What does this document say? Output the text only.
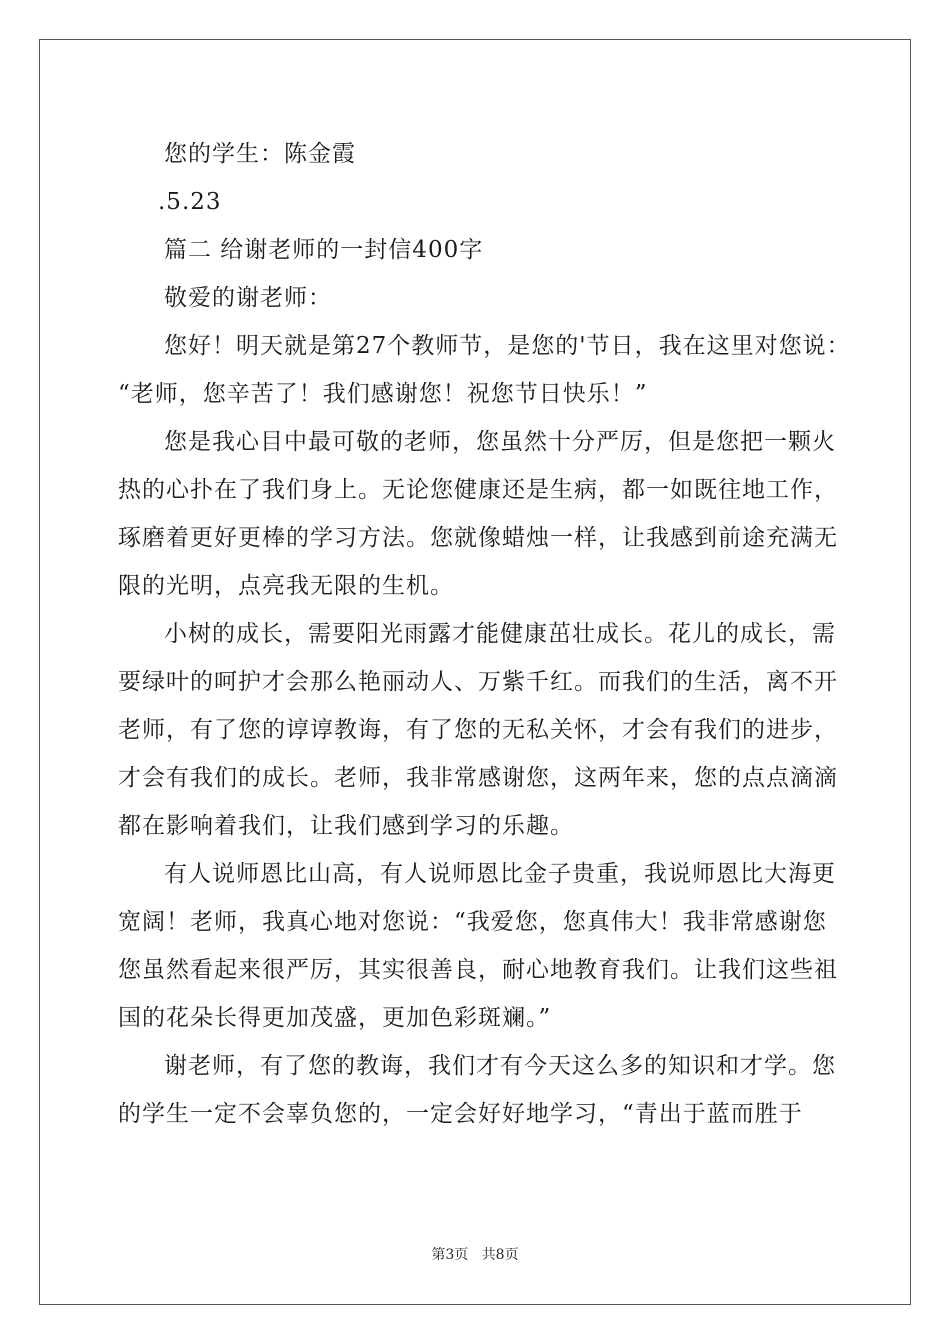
您的学生：陈金霞
.5.23
篇二 给谢老师的一封信400字
敬爱的谢老师：
您好！明天就是第27个教师节，是您的'节日，我在这里对您说：
“老师，您辛苦了！我们感谢您！祝您节日快乐！”
您是我心目中最可敬的老师，您虽然十分严厉，但是您把一颗火
热的心扑在了我们身上。无论您健康还是生病，都一如既往地工作，
琢磨着更好更棒的学习方法。您就像蜡烛一样，让我感到前途充满无
限的光明，点亮我无限的生机。
小树的成长，需要阳光雨露才能健康茁壮成长。花儿的成长，需
要绿叶的呵护才会那么艳丽动人、万紫千红。而我们的生活，离不开
老师，有了您的谆谆教诲，有了您的无私关怀，才会有我们的进步，
才会有我们的成长。老师，我非常感谢您，这两年来，您的点点滴滴
都在影响着我们，让我们感到学习的乐趣。
有人说师恩比山高，有人说师恩比金子贵重，我说师恩比大海更
宽阔！老师，我真心地对您说：“我爱您，您真伟大！我非常感谢您
您虽然看起来很严厉，其实很善良，耐心地教育我们。让我们这些祖
国的花朵长得更加茂盛，更加色彩斑斓。”
谢老师，有了您的教诲，我们才有今天这么多的知识和才学。您
的学生一定不会辜负您的，一定会好好地学习，“青出于蓝而胜于
第3页 共8页
